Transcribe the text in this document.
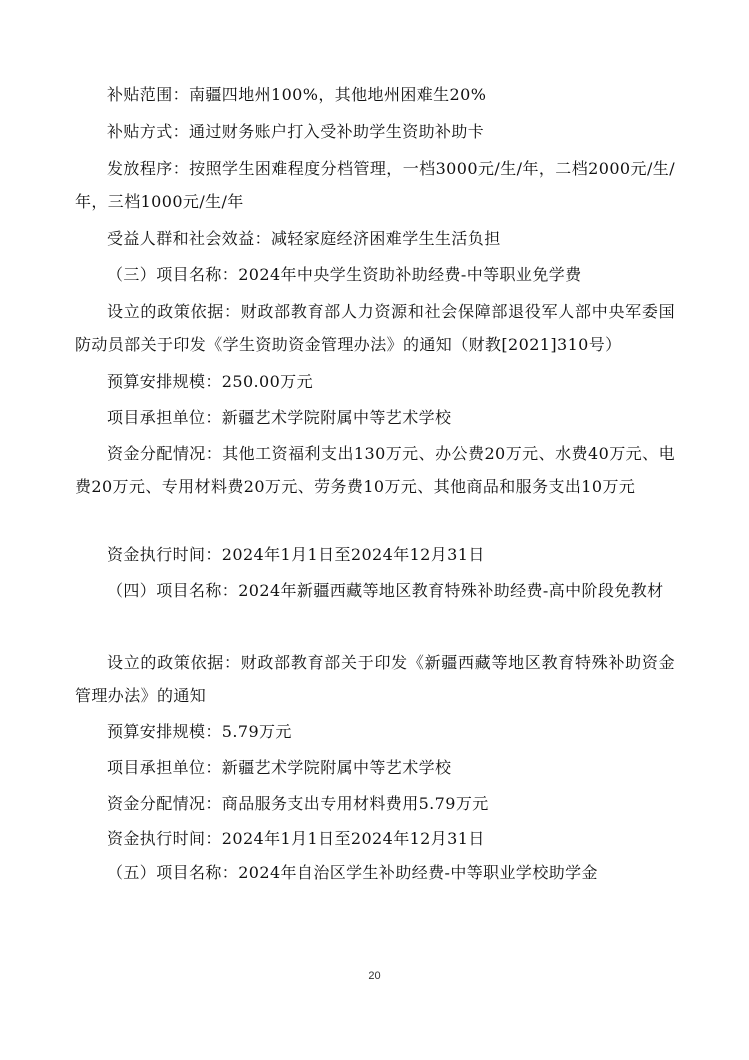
补贴范围：南疆四地州100%，其他地州困难生20%

补贴方式：通过财务账户打入受补助学生资助补助卡

发放程序：按照学生困难程度分档管理，一档3000元/生/年，二档2000元/生/年，三档1000元/生/年

受益人群和社会效益：减轻家庭经济困难学生生活负担

（三）项目名称：2024年中央学生资助补助经费-中等职业免学费

设立的政策依据：财政部教育部人力资源和社会保障部退役军人部中央军委国防动员部关于印发《学生资助资金管理办法》的通知（财教[2021]310号）

预算安排规模：250.00万元

项目承担单位：新疆艺术学院附属中等艺术学校

资金分配情况：其他工资福利支出130万元、办公费20万元、水费40万元、电费20万元、专用材料费20万元、劳务费10万元、其他商品和服务支出10万元

资金执行时间：2024年1月1日至2024年12月31日

（四）项目名称：2024年新疆西藏等地区教育特殊补助经费-高中阶段免教材

设立的政策依据：财政部教育部关于印发《新疆西藏等地区教育特殊补助资金管理办法》的通知

预算安排规模：5.79万元

项目承担单位：新疆艺术学院附属中等艺术学校

资金分配情况：商品服务支出专用材料费用5.79万元

资金执行时间：2024年1月1日至2024年12月31日

（五）项目名称：2024年自治区学生补助经费-中等职业学校助学金

20
